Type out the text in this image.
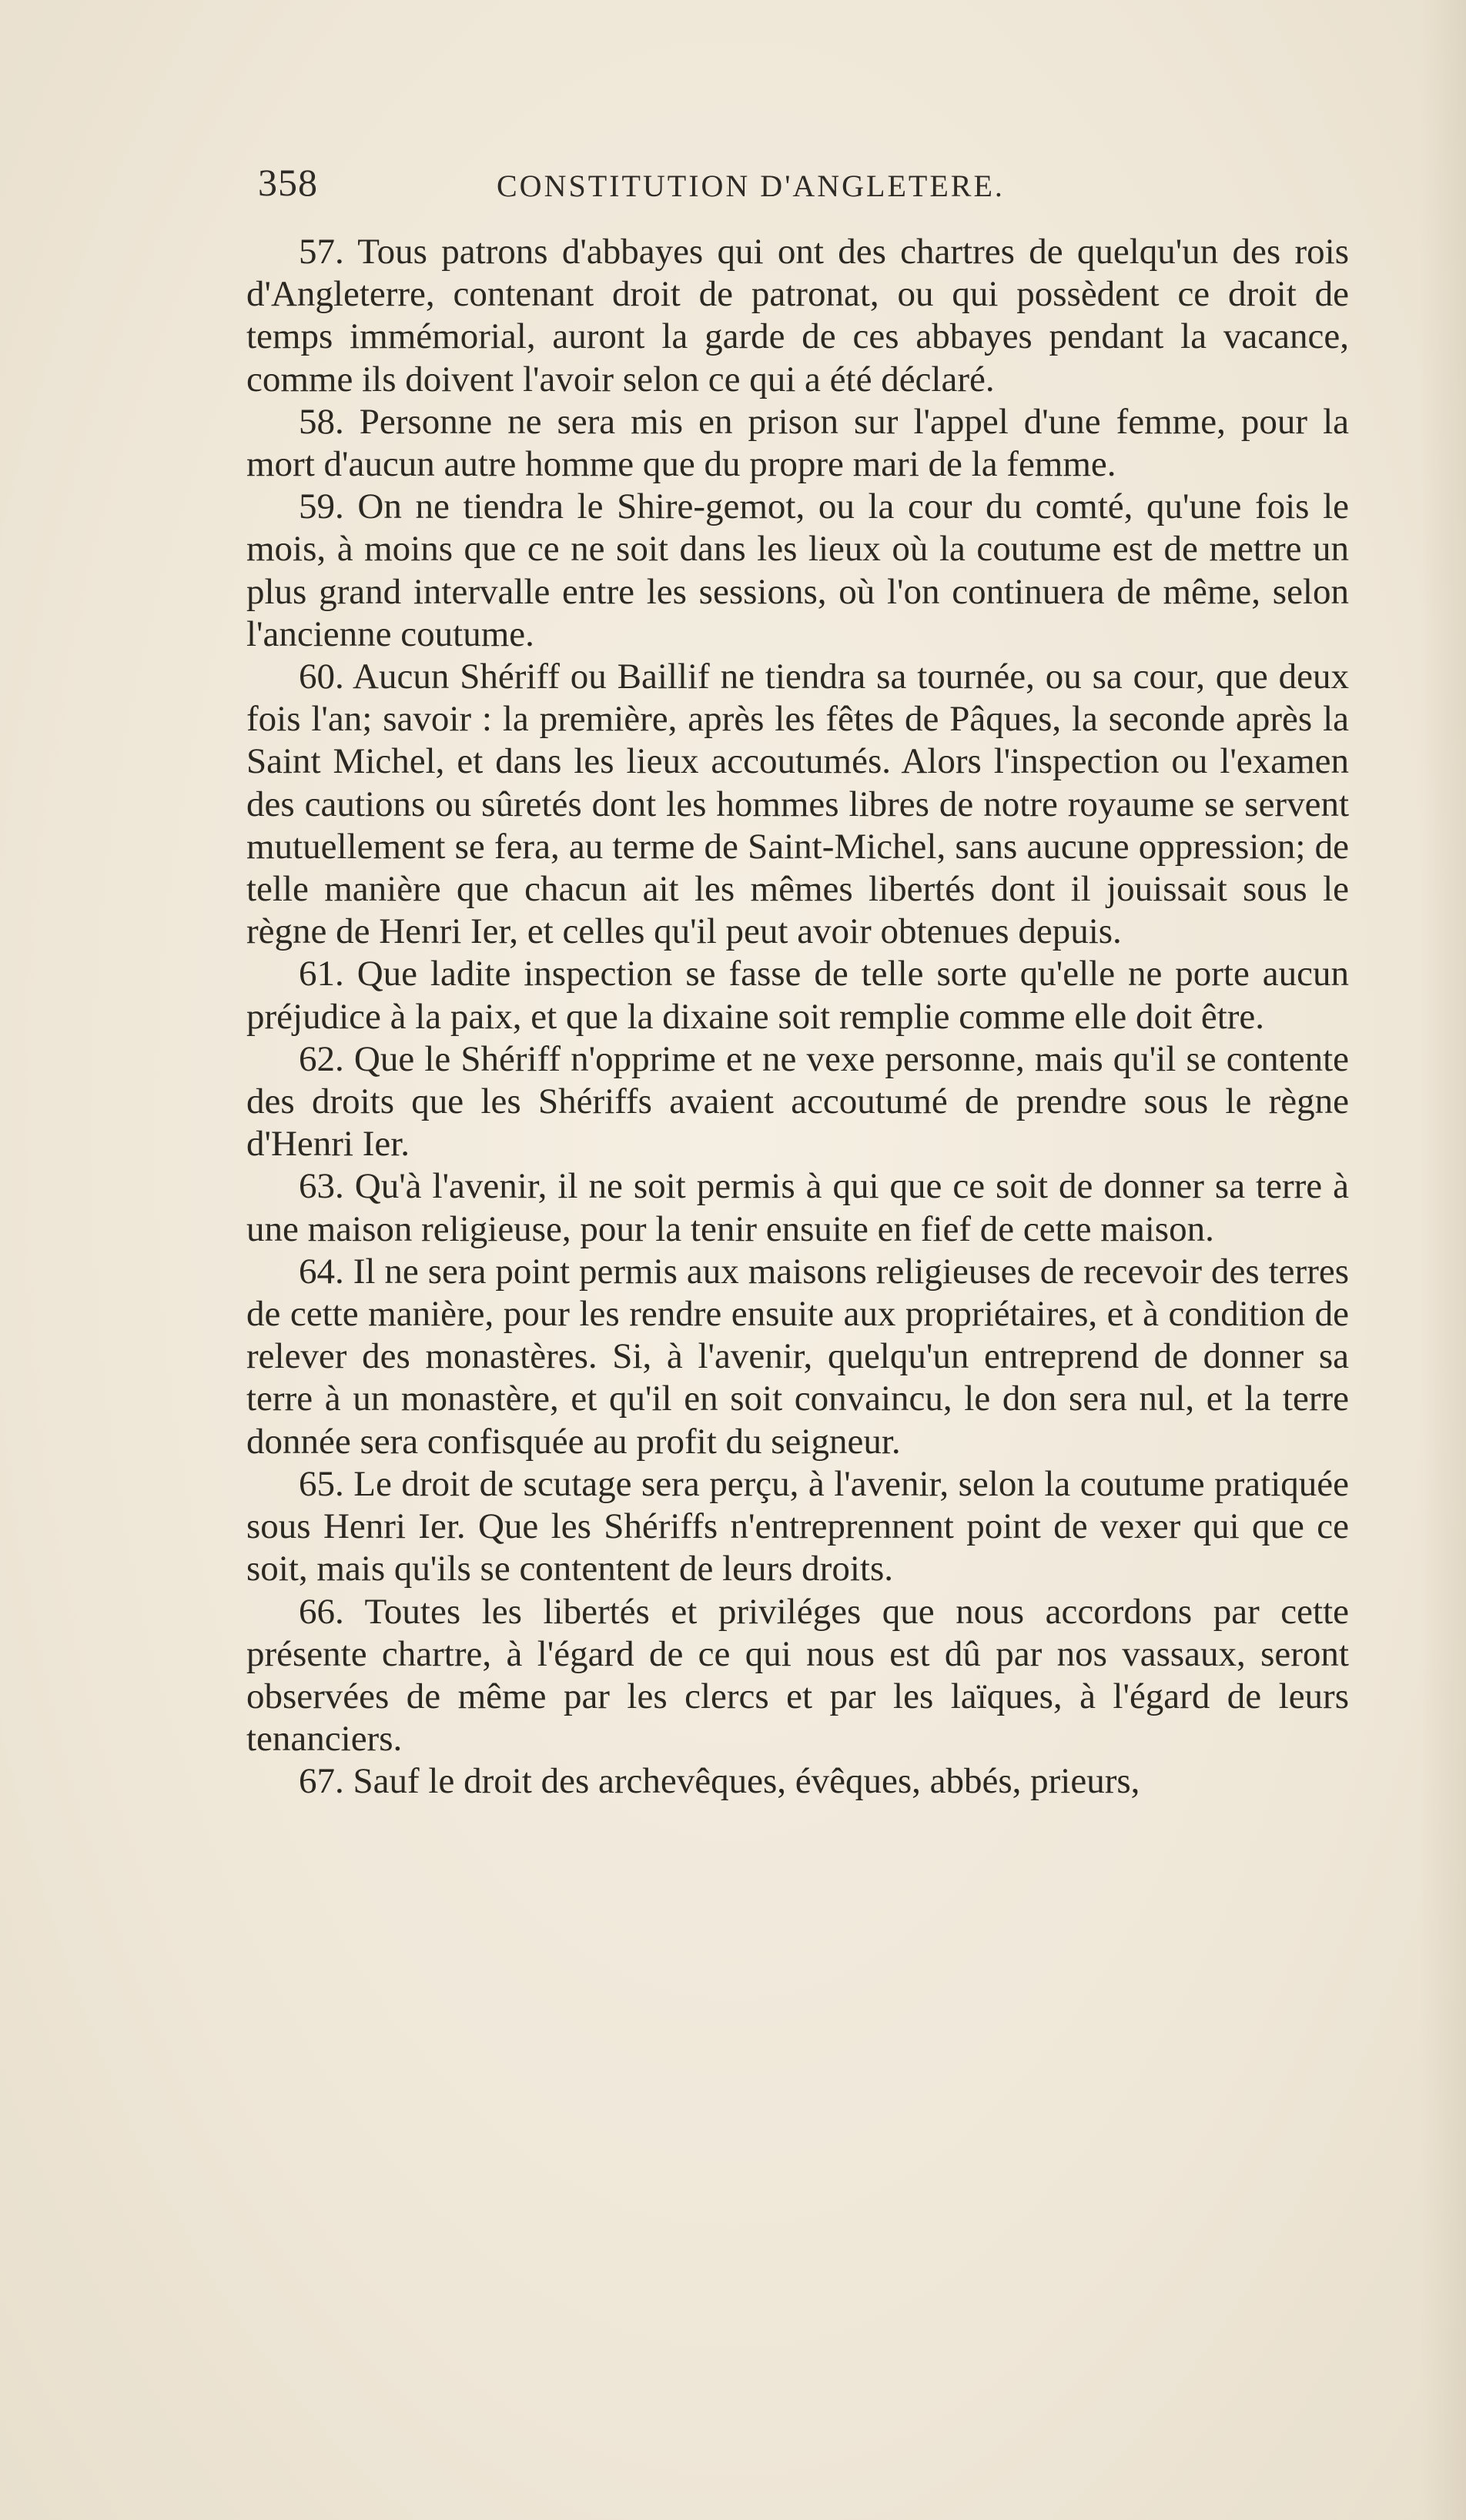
358	CONSTITUTION D'ANGLETERE.

57. Tous patrons d'abbayes qui ont des chartres de quelqu'un des rois d'Angleterre, contenant droit de patronat, ou qui possèdent ce droit de temps immémorial, auront la garde de ces abbayes pendant la vacance, comme ils doivent l'avoir selon ce qui a été déclaré.

58. Personne ne sera mis en prison sur l'appel d'une femme, pour la mort d'aucun autre homme que du propre mari de la femme.

59. On ne tiendra le Shire-gemot, ou la cour du comté, qu'une fois le mois, à moins que ce ne soit dans les lieux où la coutume est de mettre un plus grand intervalle entre les sessions, où l'on continuera de même, selon l'ancienne coutume.

60. Aucun Shériff ou Baillif ne tiendra sa tournée, ou sa cour, que deux fois l'an; savoir : la première, après les fêtes de Pâques, la seconde après la Saint Michel, et dans les lieux accoutumés. Alors l'inspection ou l'examen des cautions ou sûretés dont les hommes libres de notre royaume se servent mutuellement se fera, au terme de Saint-Michel, sans aucune oppression; de telle manière que chacun ait les mêmes libertés dont il jouissait sous le règne de Henri Ier, et celles qu'il peut avoir obtenues depuis.

61. Que ladite inspection se fasse de telle sorte qu'elle ne porte aucun préjudice à la paix, et que la dixaine soit remplie comme elle doit être.

62. Que le Shériff n'opprime et ne vexe personne, mais qu'il se contente des droits que les Shériffs avaient accoutumé de prendre sous le règne d'Henri Ier.

63. Qu'à l'avenir, il ne soit permis à qui que ce soit de donner sa terre à une maison religieuse, pour la tenir ensuite en fief de cette maison.

64. Il ne sera point permis aux maisons religieuses de recevoir des terres de cette manière, pour les rendre ensuite aux propriétaires, et à condition de relever des monastères. Si, à l'avenir, quelqu'un entreprend de donner sa terre à un monastère, et qu'il en soit convaincu, le don sera nul, et la terre donnée sera confisquée au profit du seigneur.

65. Le droit de scutage sera perçu, à l'avenir, selon la coutume pratiquée sous Henri Ier. Que les Shériffs n'entreprennent point de vexer qui que ce soit, mais qu'ils se contentent de leurs droits.

66. Toutes les libertés et priviléges que nous accordons par cette présente chartre, à l'égard de ce qui nous est dû par nos vassaux, seront observées de même par les clercs et par les laïques, à l'égard de leurs tenanciers.

67. Sauf le droit des archevêques, évêques, abbés, prieurs,
